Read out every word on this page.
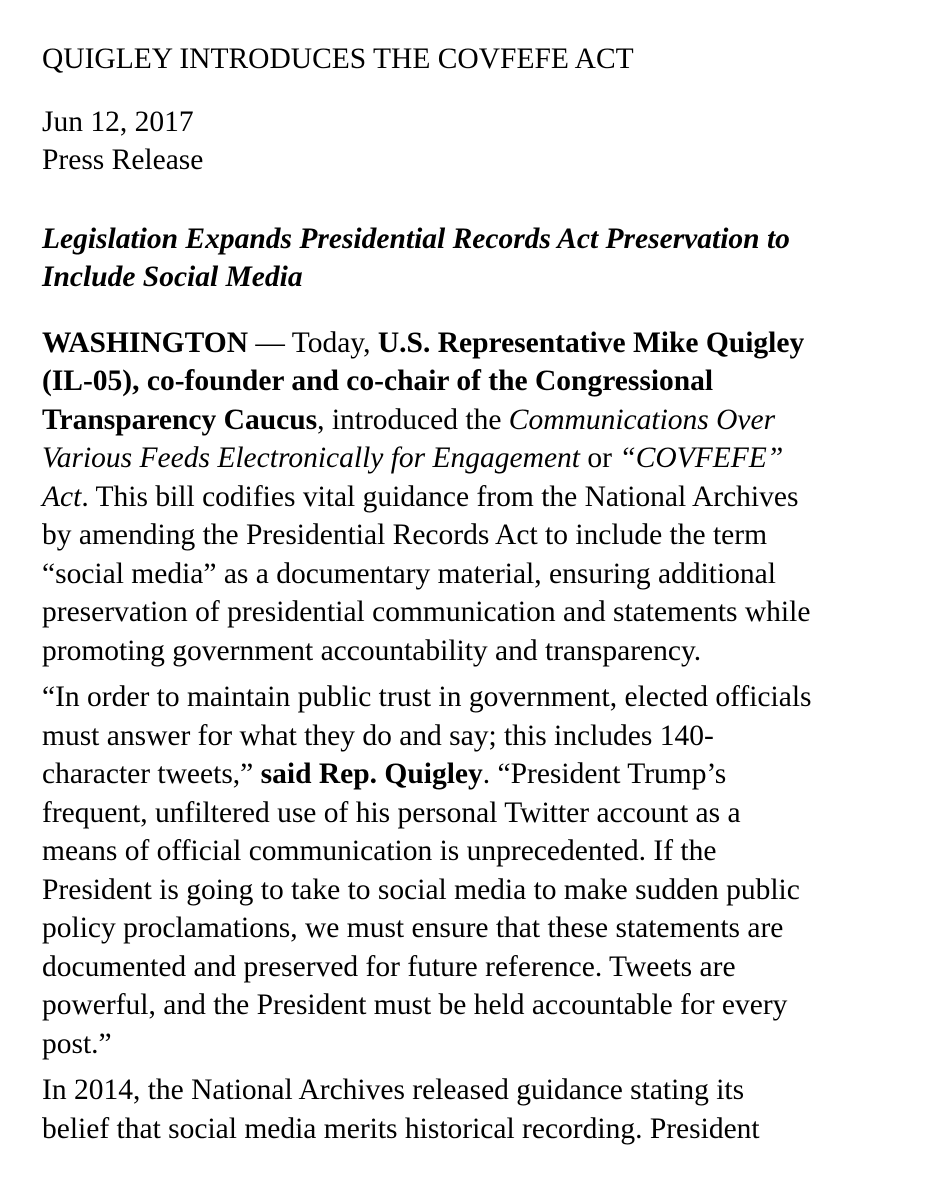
QUIGLEY INTRODUCES THE COVFEFE ACT

Jun 12, 2017
Press Release

Legislation Expands Presidential Records Act Preservation to
Include Social Media

WASHINGTON — Today, U.S. Representative Mike Quigley
(IL-05), co-founder and co-chair of the Congressional
Transparency Caucus, introduced the Communications Over
Various Feeds Electronically for Engagement or “COVFEFE”
Act. This bill codifies vital guidance from the National Archives
by amending the Presidential Records Act to include the term
“social media” as a documentary material, ensuring additional
preservation of presidential communication and statements while
promoting government accountability and transparency.

“In order to maintain public trust in government, elected officials
must answer for what they do and say; this includes 140-
character tweets,” said Rep. Quigley. “President Trump’s
frequent, unfiltered use of his personal Twitter account as a
means of official communication is unprecedented. If the
President is going to take to social media to make sudden public
policy proclamations, we must ensure that these statements are
documented and preserved for future reference. Tweets are
powerful, and the President must be held accountable for every
post.”

In 2014, the National Archives released guidance stating its
belief that social media merits historical recording. President
